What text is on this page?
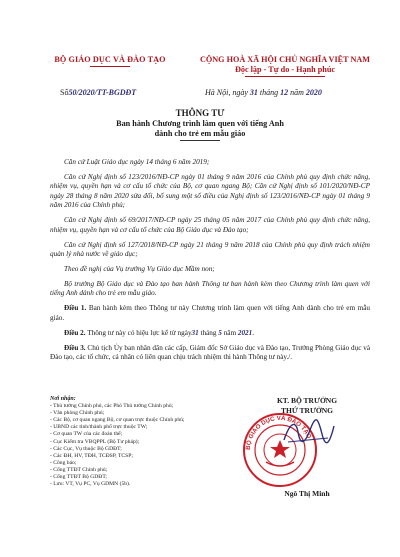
BỘ GIÁO DỤC VÀ ĐÀO TẠO	CỘNG HOÀ XÃ HỘI CHỦ NGHĨA VIỆT NAM
Độc lập - Tự do - Hạnh phúc
Số50/2020/TT-BGDĐT	Hà Nội, ngày 31 tháng 12 năm 2020
THÔNG TƯ
Ban hành Chương trình làm quen với tiếng Anh
dành cho trẻ em mẫu giáo

Căn cứ Luật Giáo dục ngày 14 tháng 6 năm 2019;

Căn cứ Nghị định số 123/2016/NĐ-CP ngày 01 tháng 9 năm 2016 của Chính phủ quy định chức năng, nhiệm vụ, quyền hạn và cơ cấu tổ chức của Bộ, cơ quan ngang Bộ; Căn cứ Nghị định số 101/2020/NĐ-CP ngày 28 tháng 8 năm 2020 sửa đổi, bổ sung một số điều của Nghị định số 123/2016/NĐ-CP ngày 01 tháng 9 năm 2016 của Chính phủ;

Căn cứ Nghị định số 69/2017/NĐ-CP ngày 25 tháng 05 năm 2017 của Chính phủ quy định chức năng, nhiệm vụ, quyền hạn và cơ cấu tổ chức của Bộ Giáo dục và Đào tạo;

Căn cứ Nghị định số 127/2018/NĐ-CP ngày 21 tháng 9 năm 2018 của Chính phủ quy định trách nhiệm quản lý nhà nước về giáo dục;

Theo đề nghị của Vụ trưởng Vụ Giáo dục Mầm non;

Bộ trưởng Bộ Giáo dục và Đào tạo ban hành Thông tư ban hành kèm theo Chương trình làm quen với tiếng Anh dành cho trẻ em mẫu giáo.

Điều 1. Ban hành kèm theo Thông tư này Chương trình làm quen với tiếng Anh dành cho trẻ em mẫu giáo.

Điều 2. Thông tư này có hiệu lực kể từ ngày31 tháng 5 năm 2021.

Điều 3. Chủ tịch Ủy ban nhân dân các cấp, Giám đốc Sở Giáo dục và Đào tạo, Trưởng Phòng Giáo dục và Đào tạo, các tổ chức, cá nhân có liên quan chịu trách nhiệm thi hành Thông tư này./.

Nơi nhận:
- Thủ tướng Chính phủ, các Phó Thủ tướng Chính phủ;
- Văn phòng Chính phủ;
- Các Bộ, cơ quan ngang Bộ, cơ quan trực thuộc Chính phủ;
- UBND các tỉnh/thành phố trực thuộc TW;
- Cơ quan TW của các đoàn thể;
- Cục Kiểm tra VBQPPL (Bộ Tư pháp);
- Các Cục, Vụ thuộc Bộ GDĐT;
- Các ĐH, HV, TĐH, TCĐSP, TCSP;
- Công báo;
- Cổng TTĐT Chính phủ;
- Cổng TTĐT Bộ GDĐT;
- Lưu: VT, Vụ PC, Vụ GDMN (5b).
KT. BỘ TRƯỞNG
THỨ TRƯỞNG
BỘ GIÁO DỤC VÀ ĐÀO TẠO
Ngô Thị Minh
